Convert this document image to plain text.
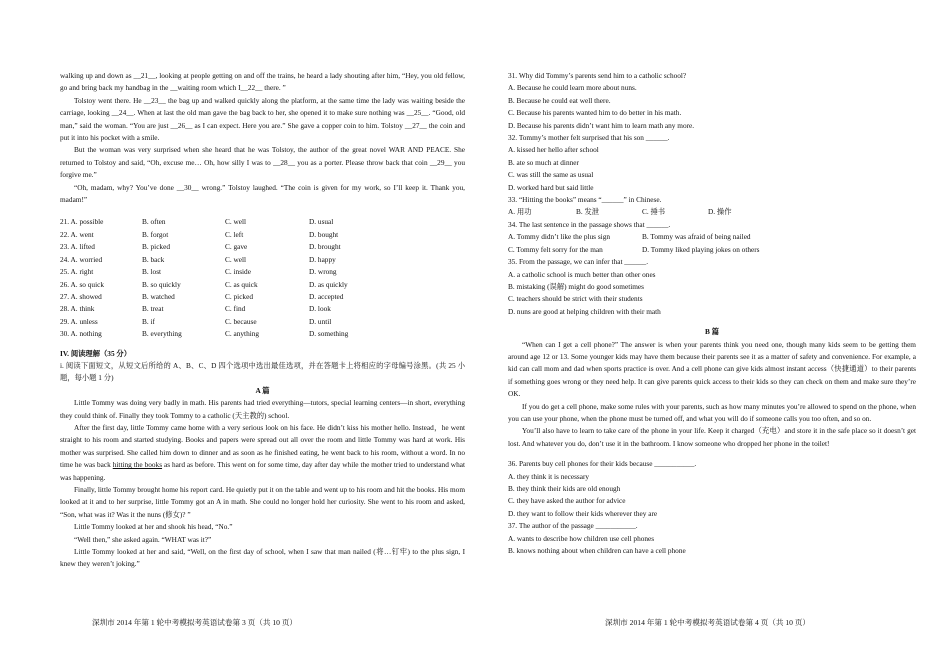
walking up and down as __21__, looking at people getting on and off the trains, he heard a lady shouting after him, “Hey, you old fellow, go and bring back my handbag in the __waiting room which I__22__ there. ”

Tolstoy went there. He __23__ the bag up and walked quickly along the platform, at the same time the lady was waiting beside the carriage, looking __24__. When at last the old man gave the bag back to her, she opened it to make sure nothing was __25__. “Good, old man,” said the woman. “You are just __26__ as I can expect. Here you are.” She gave a copper coin to him. Tolstoy __27__ the coin and put it into his pocket with a smile.

But the woman was very surprised when she heard that he was Tolstoy, the author of the great novel WAR AND PEACE. She returned to Tolstoy and said, “Oh, excuse me… Oh, how silly I was to __28__ you as a porter. Please throw back that coin __29__ you forgive me.”

“Oh, madam, why? You’ve done __30__ wrong.” Tolstoy laughed. “The coin is given for my work, so I’ll keep it. Thank you, madam!”

21. A. possible	B. often	C. well	D. usual
22. A. went	B. forgot	C. left	D. bought
23. A. lifted	B. picked	C. gave	D. brought
24. A. worried	B. back	C. well	D. happy
25. A. right	B. lost	C. inside	D. wrong
26. A. so quick	B. so quickly	C. as quick	D. as quickly
27. A. showed	B. watched	C. picked	D. accepted
28. A. think	B. treat	C. find	D. look
29. A. unless	B. if	C. because	D. until
30. A. nothing	B. everything	C. anything	D. something

IV. 阅读理解（35 分）

i. 阅读下面短文，从短文后所给的 A、B、C、D 四个选项中选出最佳选项，并在答题卡上将相应的字母编号涂黑。(共 25 小题，每小题 1 分)

A 篇

Little Tommy was doing very badly in math. His parents had tried everything—tutors, special learning centers—in short, everything they could think of. Finally they took Tommy to a catholic (天主教的) school.

After the first day, little Tommy came home with a very serious look on his face. He didn’t kiss his mother hello. Instead，he went straight to his room and started studying. Books and papers were spread out all over the room and little Tommy was hard at work. His mother was surprised. She called him down to dinner and as soon as he finished eating, he went back to his room, without a word. In no time he was back hitting the books as hard as before. This went on for some time, day after day while the mother tried to understand what was happening.

Finally, little Tommy brought home his report card. He quietly put it on the table and went up to his room and hit the books. His mom looked at it and to her surprise, little Tommy got an A in math. She could no longer hold her curiosity. She went to his room and asked, “Son, what was it? Was it the nuns (修女)? ”

Little Tommy looked at her and shook his head, “No.”

“Well then,” she asked again. “WHAT was it?”

Little Tommy looked at her and said, “Well, on the first day of school, when I saw that man nailed (将…钉牢) to the plus sign, I knew they weren’t joking.”

31. Why did Tommy’s parents send him to a catholic school?

A. Because he could learn more about nuns.

B. Because he could eat well there.

C. Because his parents wanted him to do better in his math.

D. Because his parents didn’t want him to learn math any more.

32. Tommy’s mother felt surprised that his son ______.

A. kissed her hello after school

B. ate so much at dinner

C. was still the same as usual

D. worked hard but said little

33. “Hitting the books” means “______” in Chinese.

A. 用功	B. 发泄	C. 捶书	D. 操作

34. The last sentence in the passage shows that ______.

A. Tommy didn’t like the plus sign	B. Tommy was afraid of being nailed
C. Tommy felt sorry for the man	D. Tommy liked playing jokes on others

35. From the passage, we can infer that ______.

A. a catholic school is much better than other ones

B. mistaking (误解) might do good sometimes

C. teachers should be strict with their students

D. nuns are good at helping children with their math

B 篇

“When can I get a cell phone?” The answer is when your parents think you need one, though many kids seem to be getting them around age 12 or 13. Some younger kids may have them because their parents see it as a matter of safety and convenience. For example, a kid can call mom and dad when sports practice is over. And a cell phone can give kids almost instant access（快捷通道）to their parents if something goes wrong or they need help. It can give parents quick access to their kids so they can check on them and make sure they’re OK.

If you do get a cell phone, make some rules with your parents, such as how many minutes you’re allowed to spend on the phone, when you can use your phone, when the phone must be turned off, and what you will do if someone calls you too often, and so on.

You’ll also have to learn to take care of the phone in your life. Keep it charged（充电）and store it in the safe place so it doesn’t get lost. And whatever you do, don’t use it in the bathroom. I know someone who dropped her phone in the toilet!

36. Parents buy cell phones for their kids because ___________.

A. they think it is necessary

B. they think their kids are old enough

C. they have asked the author for advice

D. they want to follow their kids wherever they are

37. The author of the passage ___________.

A. wants to describe how children use cell phones

B. knows nothing about when children can have a cell phone

深圳市 2014 年第 1 轮中考模拟考英语试卷第 3 页（共 10 页）	深圳市 2014 年第 1 轮中考模拟考英语试卷第 4 页（共 10 页）
